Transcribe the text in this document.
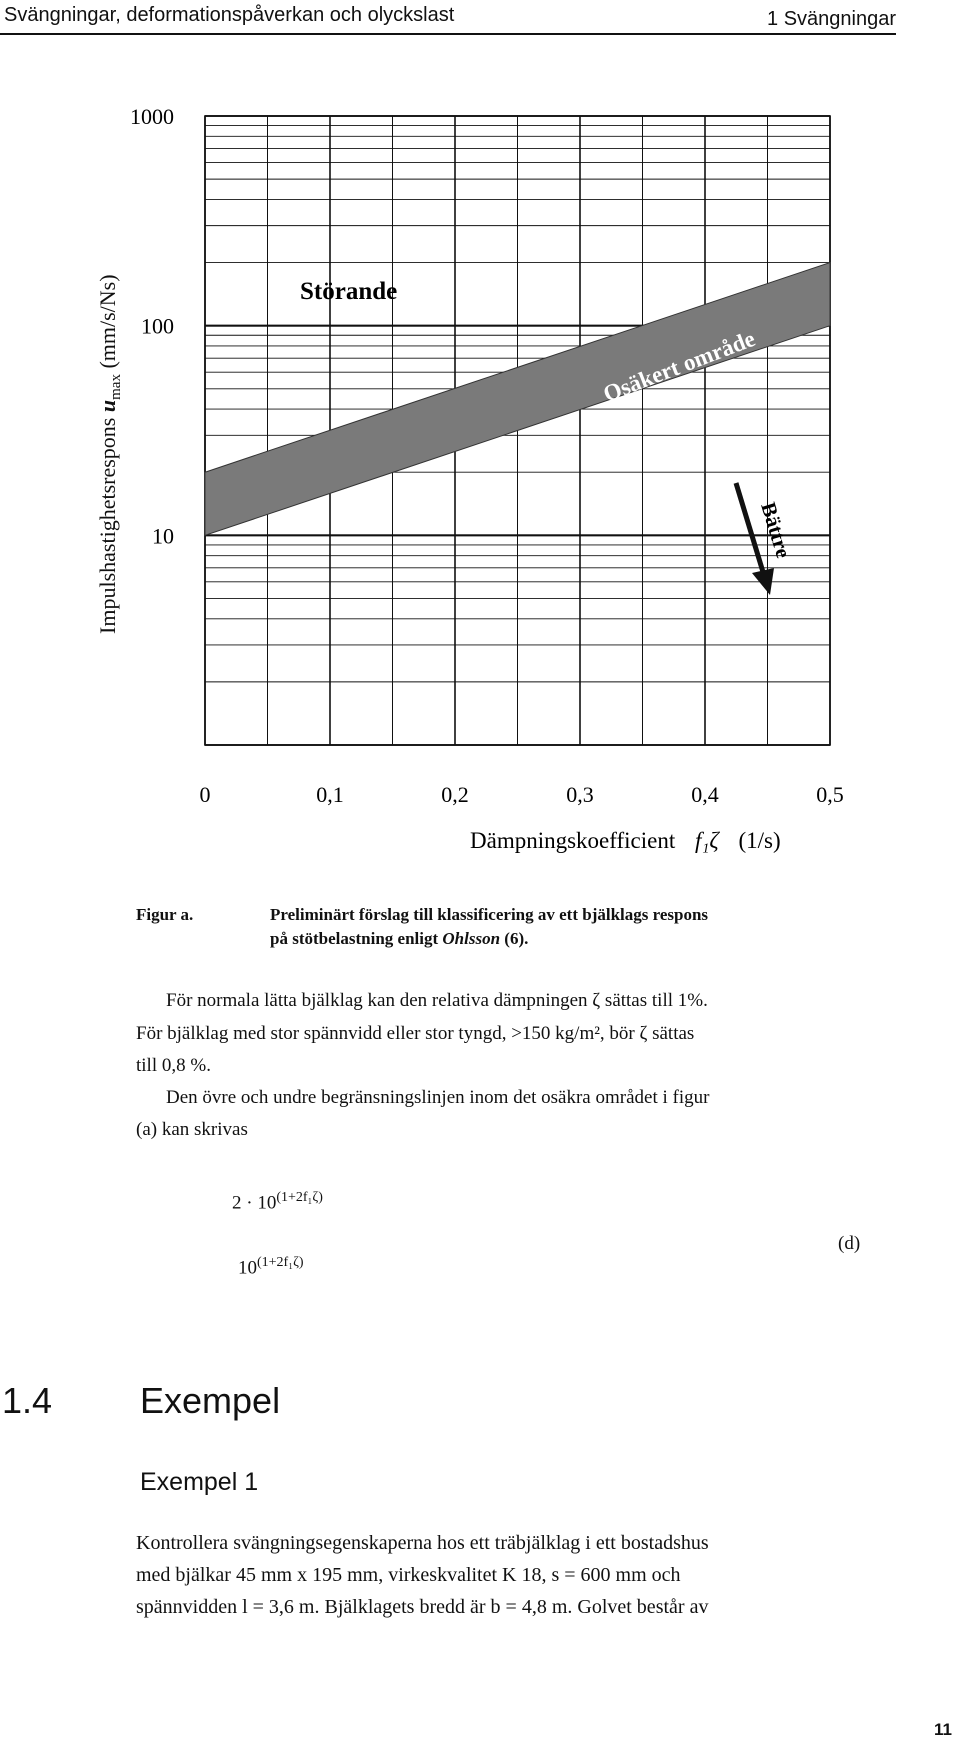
Svängningar, deformationspåverkan och olyckslast	1 Svängningar
1000
100
10
0	0,1	0,2	0,3	0,4	0,5
Störande
Osäkert område
Bättre
Dämpningskoefficient f₁ζ (1/s)
Impulshastighetsrespons $u_{max}$ (mm/s/Ns)
Figur a.	Preliminärt förslag till klassificering av ett bjälklags respons
på stötbelastning enligt Ohlsson (6).
För normala lätta bjälklag kan den relativa dämpningen ζ sättas till 1%.
För bjälklag med stor spännvidd eller stor tyngd, >150 kg/m², bör ζ sättas
till 0,8 %.
Den övre och undre begränsningslinjen inom det osäkra området i figur
(a) kan skrivas
$2 \cdot 10^{(1+2f_1\zeta)}$
$10^{(1+2f_1\zeta)}$
(d)
1.4 Exempel
Exempel 1
Kontrollera svängningsegenskaperna hos ett träbjälklag i ett bostadshus
med bjälkar 45 mm x 195 mm, virkeskvalitet K 18, s = 600 mm och
spännvidden l = 3,6 m. Bjälklagets bredd är b = 4,8 m. Golvet består av
11
